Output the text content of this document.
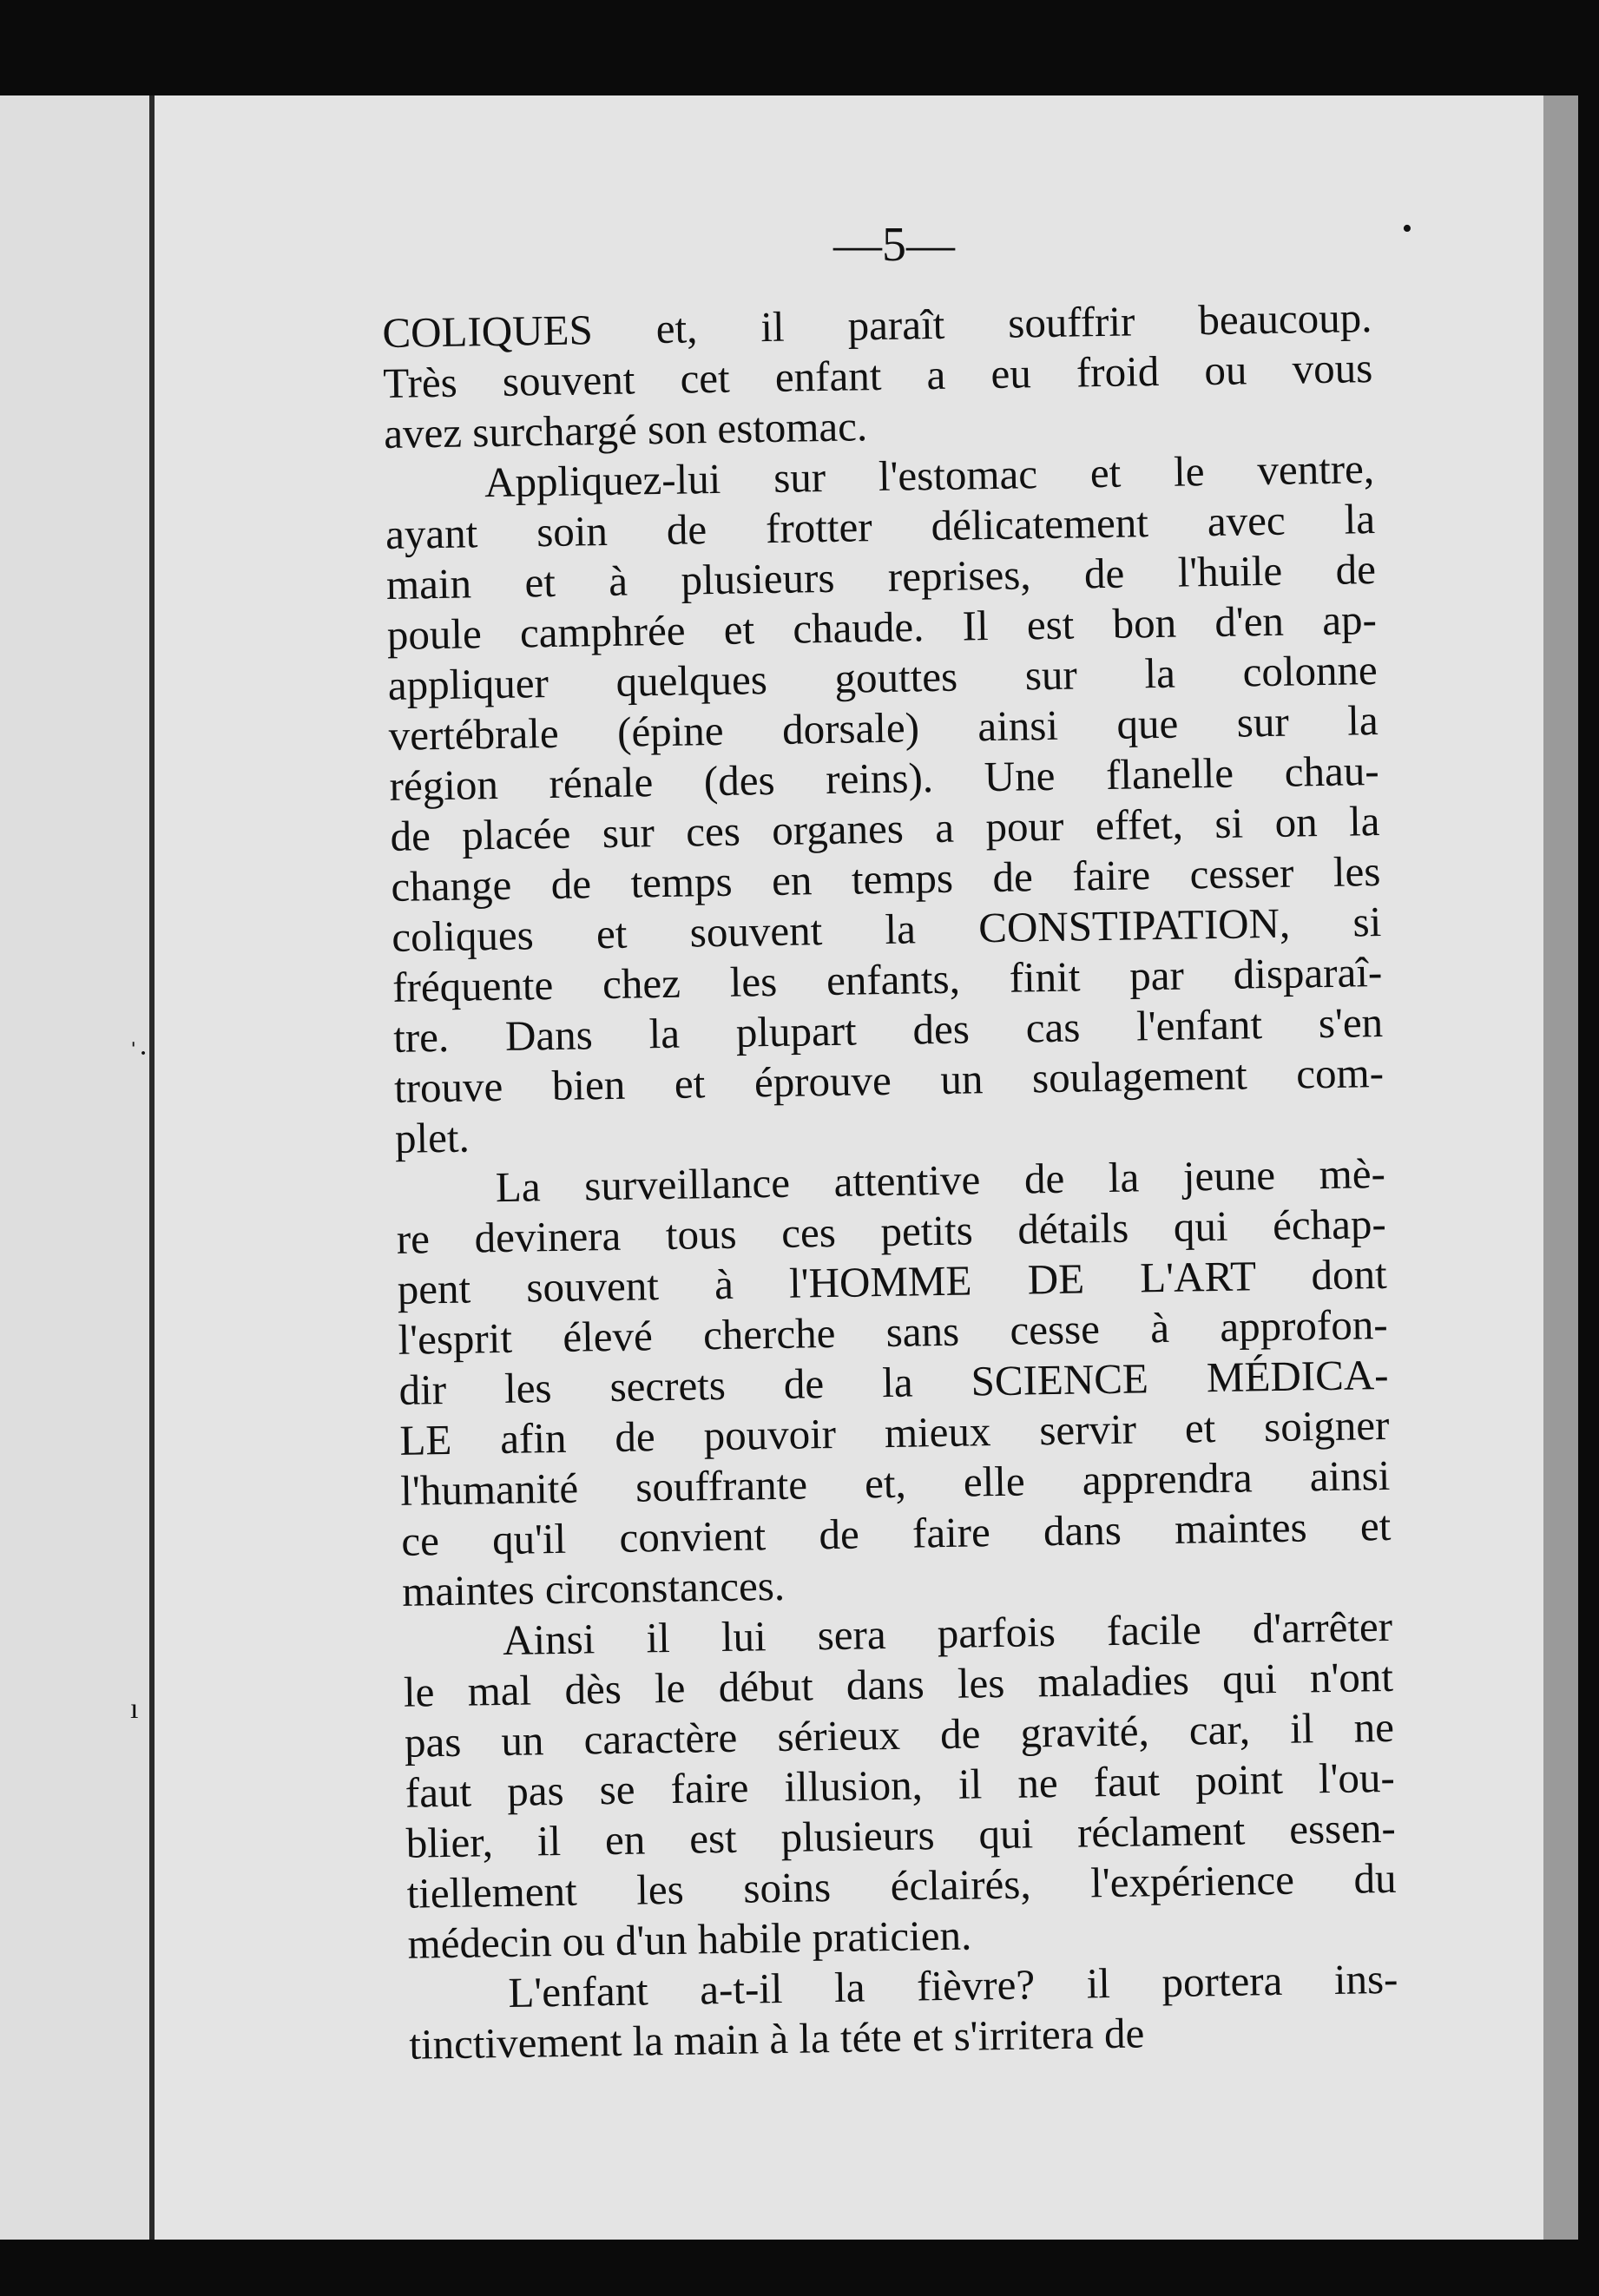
•
ˈ·
ı
—5—

COLIQUES et, il paraît souffrir beaucoup.
Très souvent cet enfant a eu froid ou vous
avez surchargé son estomac.

Appliquez-lui sur l'estomac et le ventre,
ayant soin de frotter délicatement avec la
main et à plusieurs reprises, de l'huile de
poule camphrée et chaude. Il est bon d'en ap-
appliquer quelques gouttes sur la colonne
vertébrale (épine dorsale) ainsi que sur la
région rénale (des reins). Une flanelle chau-
de placée sur ces organes a pour effet, si on la
change de temps en temps de faire cesser les
coliques et souvent la CONSTIPATION, si
fréquente chez les enfants, finit par disparaî-
tre. Dans la plupart des cas l'enfant s'en
trouve bien et éprouve un soulagement com-
plet.

La surveillance attentive de la jeune mè-
re devinera tous ces petits détails qui échap-
pent souvent à l'HOMME DE L'ART dont
l'esprit élevé cherche sans cesse à approfon-
dir les secrets de la SCIENCE MÉDICA-
LE afin de pouvoir mieux servir et soigner
l'humanité souffrante et, elle apprendra ainsi
ce qu'il convient de faire dans maintes et
maintes circonstances.

Ainsi il lui sera parfois facile d'arrêter
le mal dès le début dans les maladies qui n'ont
pas un caractère sérieux de gravité, car, il ne
faut pas se faire illusion, il ne faut point l'ou-
blier, il en est plusieurs qui réclament essen-
tiellement les soins éclairés, l'expérience du
médecin ou d'un habile praticien.

L'enfant a-t-il la fièvre? il portera ins-
tinctivement la main à la téte et s'irritera de
